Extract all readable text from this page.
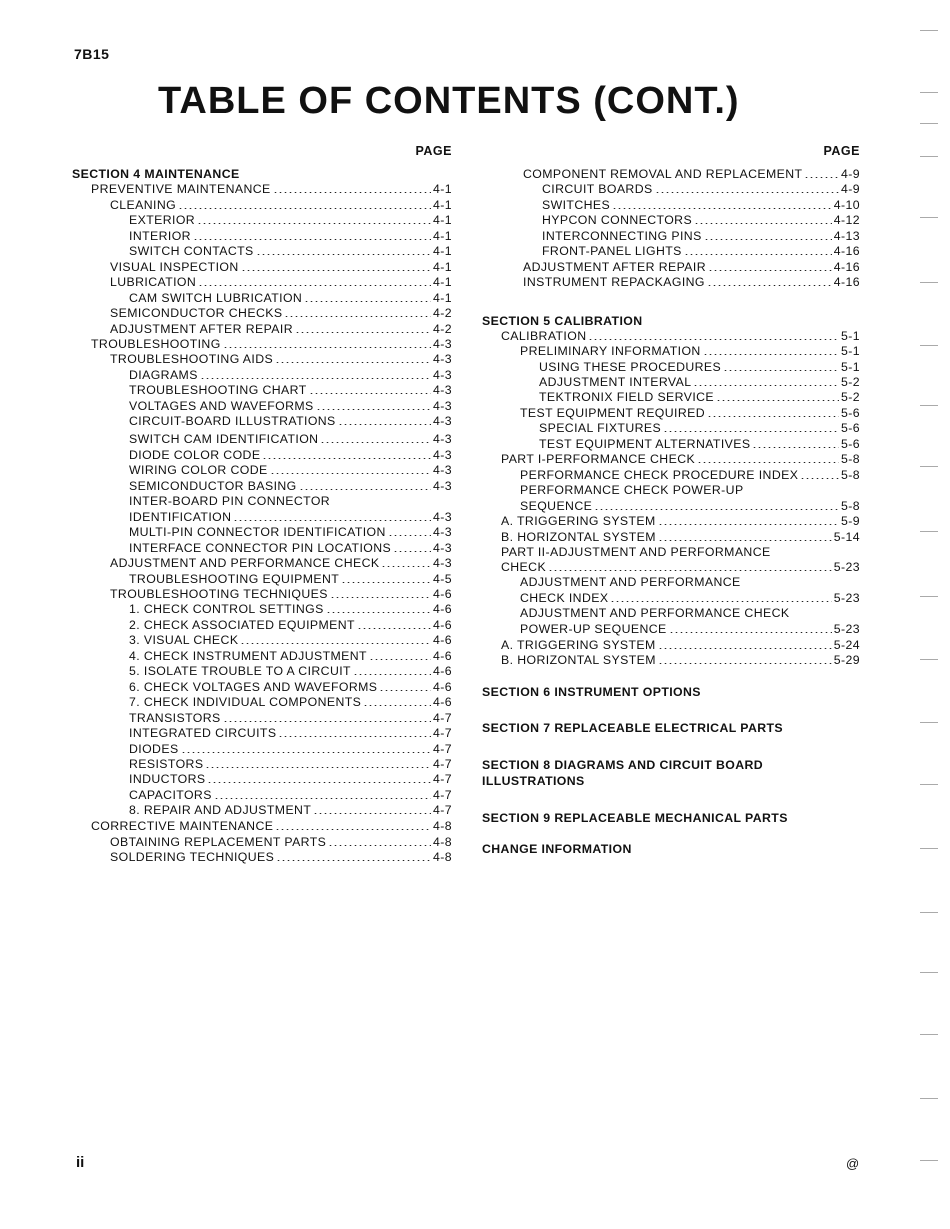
7B15
TABLE OF CONTENTS (CONT.)
PAGE
SECTION 4 MAINTENANCE
PREVENTIVE MAINTENANCE	4-1
CLEANING	4-1
EXTERIOR	4-1
INTERIOR	4-1
SWITCH CONTACTS	4-1
VISUAL INSPECTION	4-1
LUBRICATION	4-1
CAM SWITCH LUBRICATION	4-1
SEMICONDUCTOR CHECKS	4-2
ADJUSTMENT AFTER REPAIR	4-2
TROUBLESHOOTING	4-3
TROUBLESHOOTING AIDS	4-3
DIAGRAMS	4-3
TROUBLESHOOTING CHART	4-3
VOLTAGES AND WAVEFORMS	4-3
CIRCUIT-BOARD ILLUSTRATIONS	4-3
SWITCH CAM IDENTIFICATION	4-3
DIODE COLOR CODE	4-3
WIRING COLOR CODE	4-3
SEMICONDUCTOR BASING	4-3
INTER-BOARD PIN CONNECTOR
IDENTIFICATION	4-3
MULTI-PIN CONNECTOR IDENTIFICATION	4-3
INTERFACE CONNECTOR PIN LOCATIONS	4-3
ADJUSTMENT AND PERFORMANCE CHECK	4-3
TROUBLESHOOTING EQUIPMENT	4-5
TROUBLESHOOTING TECHNIQUES	4-6
1. CHECK CONTROL SETTINGS	4-6
2. CHECK ASSOCIATED EQUIPMENT	4-6
3. VISUAL CHECK	4-6
4. CHECK INSTRUMENT ADJUSTMENT	4-6
5. ISOLATE TROUBLE TO A CIRCUIT	4-6
6. CHECK VOLTAGES AND WAVEFORMS	4-6
7. CHECK INDIVIDUAL COMPONENTS	4-6
TRANSISTORS	4-7
INTEGRATED CIRCUITS	4-7
DIODES	4-7
RESISTORS	4-7
INDUCTORS	4-7
CAPACITORS	4-7
8. REPAIR AND ADJUSTMENT	4-7
CORRECTIVE MAINTENANCE	4-8
OBTAINING REPLACEMENT PARTS	4-8
SOLDERING TECHNIQUES	4-8
PAGE
COMPONENT REMOVAL AND REPLACEMENT	4-9
CIRCUIT BOARDS	4-9
SWITCHES	4-10
HYPCON CONNECTORS	4-12
INTERCONNECTING PINS	4-13
FRONT-PANEL LIGHTS	4-16
ADJUSTMENT AFTER REPAIR	4-16
INSTRUMENT REPACKAGING	4-16
SECTION 5 CALIBRATION
CALIBRATION	5-1
PRELIMINARY INFORMATION	5-1
USING THESE PROCEDURES	5-1
ADJUSTMENT INTERVAL	5-2
TEKTRONIX FIELD SERVICE	5-2
TEST EQUIPMENT REQUIRED	5-6
SPECIAL FIXTURES	5-6
TEST EQUIPMENT ALTERNATIVES	5-6
PART I-PERFORMANCE CHECK	5-8
PERFORMANCE CHECK PROCEDURE INDEX	5-8
PERFORMANCE CHECK POWER-UP
SEQUENCE	5-8
A. TRIGGERING SYSTEM	5-9
B. HORIZONTAL SYSTEM	5-14
PART II-ADJUSTMENT AND PERFORMANCE
CHECK	5-23
ADJUSTMENT AND PERFORMANCE
CHECK INDEX	5-23
ADJUSTMENT AND PERFORMANCE CHECK
POWER-UP SEQUENCE	5-23
A. TRIGGERING SYSTEM	5-24
B. HORIZONTAL SYSTEM	5-29
SECTION 6 INSTRUMENT OPTIONS
SECTION 7 REPLACEABLE ELECTRICAL PARTS
SECTION 8 DIAGRAMS AND CIRCUIT BOARD
ILLUSTRATIONS
SECTION 9 REPLACEABLE MECHANICAL PARTS
CHANGE INFORMATION
ii	@
